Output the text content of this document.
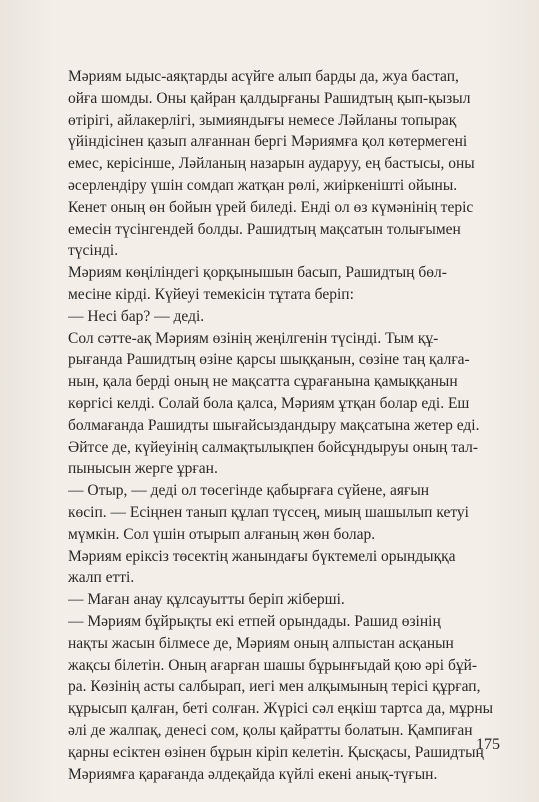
Мәриям ыдыс-аяқтарды асүйге алып барды да, жуа бастап,
ойға шомды. Оны қайран қалдырғаны Рашидтың қып-қызыл
өтірігі, айлакерлігі, зымияндығы немесе Ләйланы топырақ
үйіндісінен қазып алғаннан бергі Мәриямға қол көтермегені
емес, керісінше, Ләйланың назарын аударуу, ең бастысы, оны
әсерлендіру үшін сомдап жатқан рөлі, жиіркенішті ойыны.
Кенет оның өн бойын үрей биледі. Енді ол өз күмәнінің теріс
емесін түсінгендей болды. Рашидтың мақсатын толығымен
түсінді.
Мәриям көңіліндегі қорқынышын басып, Рашидтың бөл-
месіне кірді. Күйеуі темекісін тұтата беріп:
— Несі бар? — деді.
Сол сәтте-ақ Мәриям өзінің жеңілгенін түсінді. Тым құ-
рығанда Рашидтың өзіне қарсы шыққанын, сөзіне таң қалға-
нын, қала берді оның не мақсатта сұрағанына қамыққанын
көргісі келді. Солай бола қалса, Мәриям ұтқан болар еді. Еш
болмағанда Рашидты шығайсыздандыру мақсатына жетер еді.
Әйтсе де, күйеуінің салмақтылықпен бойсұндыруы оның тал-
пынысын жерге ұрған.
— Отыр, — деді ол төсегінде қабырғаға сүйене, аяғын
көсіп. — Есіңнен танып құлап түссең, миың шашылып кетуі
мүмкін. Сол үшін отырып алғаның жөн болар.
Мәриям еріксіз төсектің жанындағы бүктемелі орындыққа
жалп етті.
— Маған анау құлсауытты беріп жіберші.
— Мәриям бұйрықты екі етпей орындады. Рашид өзінің
нақты жасын білмесе де, Мәриям оның алпыстан асқанын
жақсы білетін. Оның ағарған шашы бұрынғыдай қою әрі бұй-
ра. Көзінің асты салбырап, иегі мен алқымының терісі құрғап,
құрысып қалған, беті солған. Жүрісі сәл еңкіш тартса да, мұрны
әлі де жалпақ, денесі сом, қолы қайратты болатын. Қампиған
қарны есіктен өзінен бұрын кіріп келетін. Қысқасы, Рашидтың
Мәриямға қарағанда әлдеқайда күйлі екені анық-түғын.
175
